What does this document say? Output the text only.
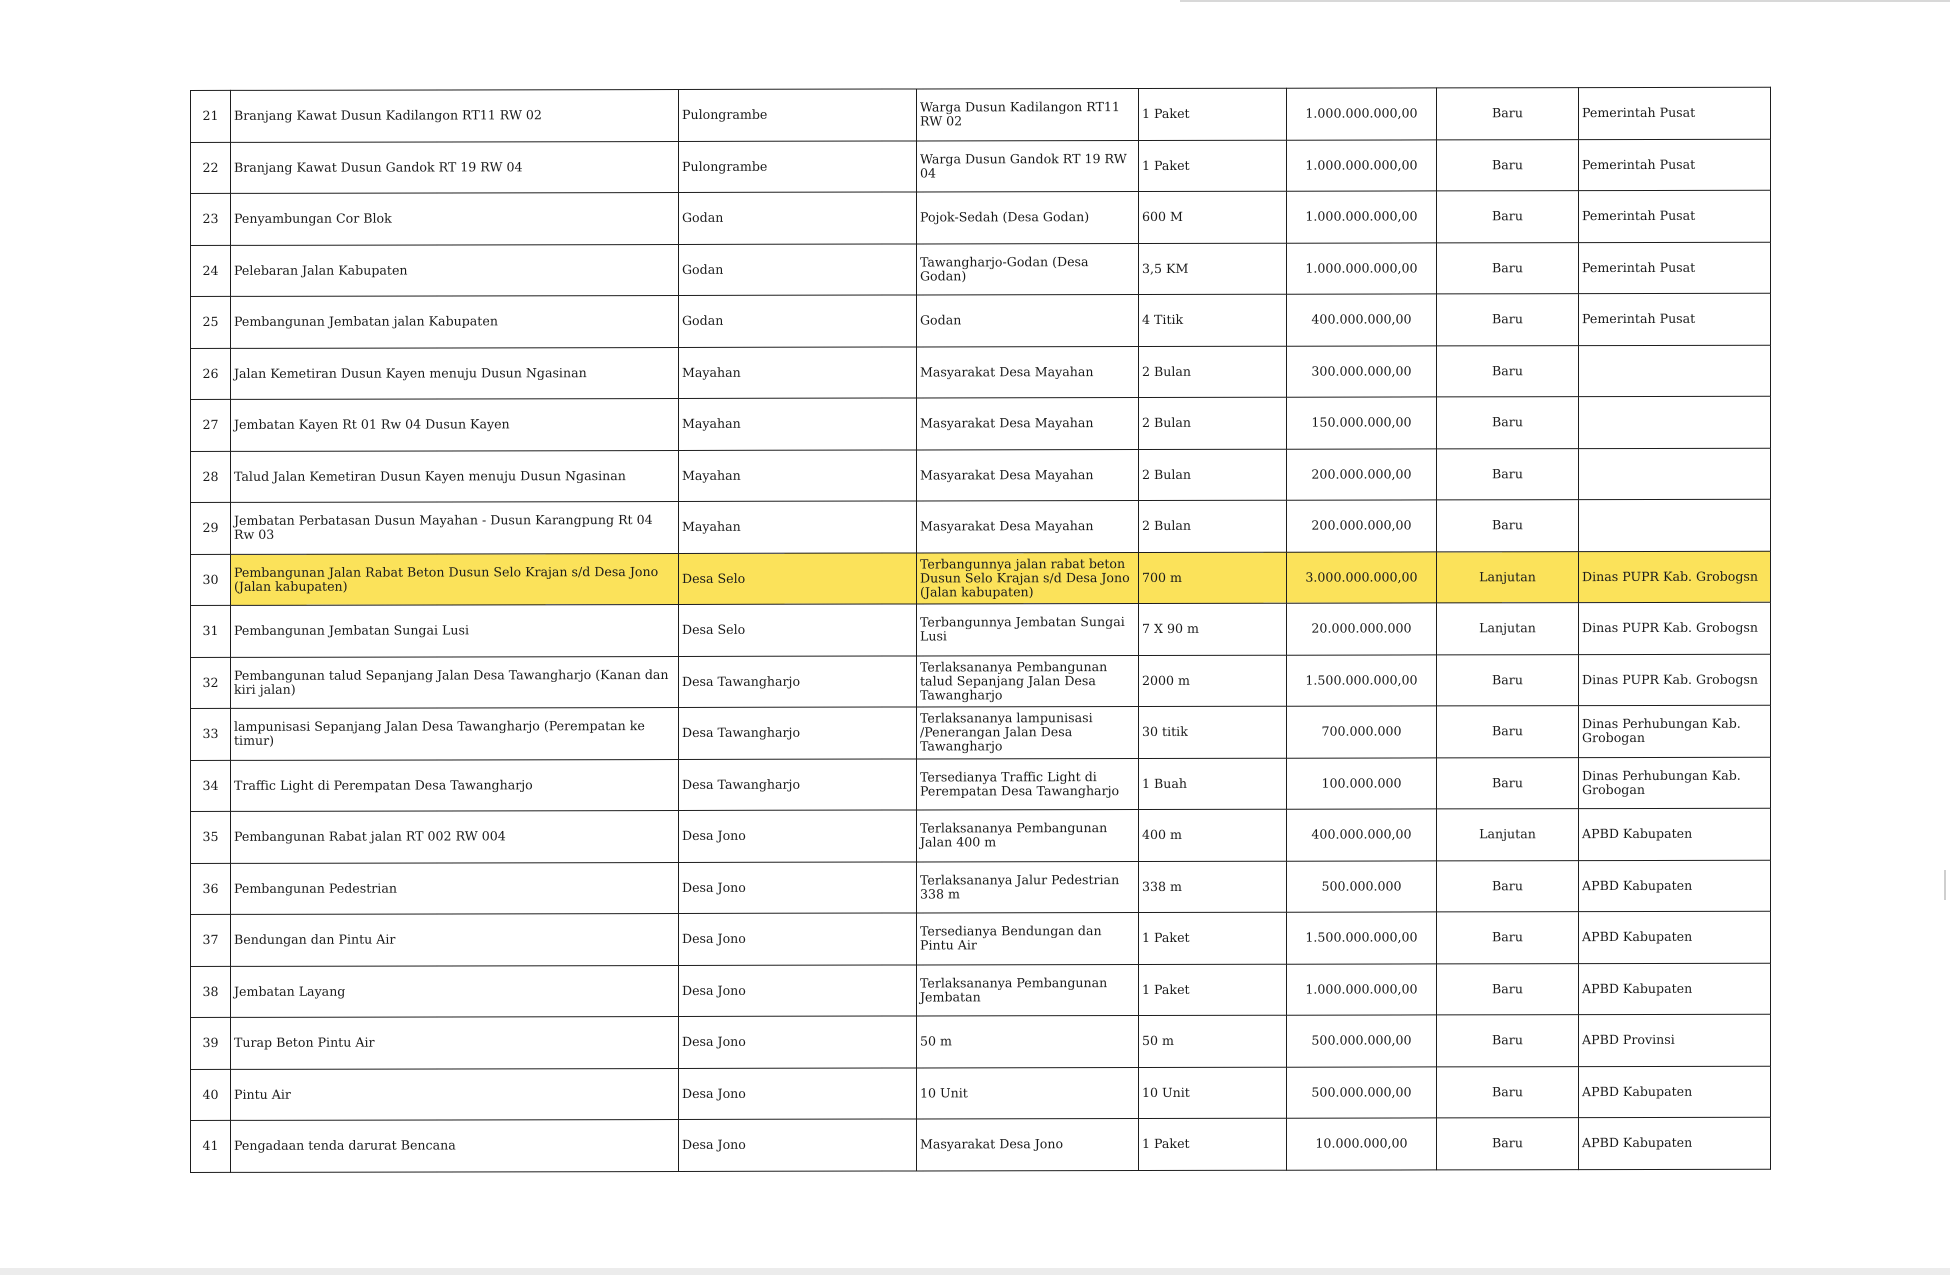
21	Branjang Kawat Dusun Kadilangon RT11 RW 02	Pulongrambe	Warga Dusun Kadilangon RT11 RW 02	1 Paket	1.000.000.000,00	Baru	Pemerintah Pusat
22	Branjang Kawat Dusun Gandok RT 19 RW 04	Pulongrambe	Warga Dusun Gandok RT 19 RW 04	1 Paket	1.000.000.000,00	Baru	Pemerintah Pusat
23	Penyambungan Cor Blok	Godan	Pojok-Sedah (Desa Godan)	600 M	1.000.000.000,00	Baru	Pemerintah Pusat
24	Pelebaran Jalan Kabupaten	Godan	Tawangharjo-Godan (Desa Godan)	3,5 KM	1.000.000.000,00	Baru	Pemerintah Pusat
25	Pembangunan Jembatan jalan Kabupaten	Godan	Godan	4 Titik	400.000.000,00	Baru	Pemerintah Pusat
26	Jalan Kemetiran Dusun Kayen menuju Dusun Ngasinan	Mayahan	Masyarakat Desa Mayahan	2 Bulan	300.000.000,00	Baru	
27	Jembatan Kayen Rt 01 Rw 04 Dusun Kayen	Mayahan	Masyarakat Desa Mayahan	2 Bulan	150.000.000,00	Baru	
28	Talud Jalan Kemetiran Dusun Kayen menuju Dusun Ngasinan	Mayahan	Masyarakat Desa Mayahan	2 Bulan	200.000.000,00	Baru	
29	Jembatan Perbatasan Dusun Mayahan - Dusun Karangpung Rt 04 Rw 03	Mayahan	Masyarakat Desa Mayahan	2 Bulan	200.000.000,00	Baru	
30	Pembangunan Jalan Rabat Beton Dusun Selo Krajan s/d Desa Jono (Jalan kabupaten)	Desa Selo	Terbangunnya jalan rabat beton Dusun Selo Krajan s/d Desa Jono (Jalan kabupaten)	700 m	3.000.000.000,00	Lanjutan	Dinas PUPR Kab. Grobogsn
31	Pembangunan Jembatan Sungai Lusi	Desa Selo	Terbangunnya Jembatan Sungai Lusi	7 X 90 m	20.000.000.000	Lanjutan	Dinas PUPR Kab. Grobogsn
32	Pembangunan talud Sepanjang Jalan Desa Tawangharjo (Kanan dan kiri jalan)	Desa Tawangharjo	Terlaksananya Pembangunan talud Sepanjang Jalan Desa Tawangharjo	2000 m	1.500.000.000,00	Baru	Dinas PUPR Kab. Grobogsn
33	lampunisasi Sepanjang Jalan Desa Tawangharjo (Perempatan ke timur)	Desa Tawangharjo	Terlaksananya lampunisasi /Penerangan Jalan Desa Tawangharjo	30 titik	700.000.000	Baru	Dinas Perhubungan Kab. Grobogan
34	Traffic Light di Perempatan Desa Tawangharjo	Desa Tawangharjo	Tersedianya Traffic Light di Perempatan Desa Tawangharjo	1 Buah	100.000.000	Baru	Dinas Perhubungan Kab. Grobogan
35	Pembangunan Rabat jalan RT 002 RW 004	Desa Jono	Terlaksananya Pembangunan Jalan 400 m	400 m	400.000.000,00	Lanjutan	APBD Kabupaten
36	Pembangunan Pedestrian	Desa Jono	Terlaksananya Jalur Pedestrian 338 m	338 m	500.000.000	Baru	APBD Kabupaten
37	Bendungan dan Pintu Air	Desa Jono	Tersedianya Bendungan dan Pintu Air	1 Paket	1.500.000.000,00	Baru	APBD Kabupaten
38	Jembatan Layang	Desa Jono	Terlaksananya Pembangunan Jembatan	1 Paket	1.000.000.000,00	Baru	APBD Kabupaten
39	Turap Beton Pintu Air	Desa Jono	50 m	50 m	500.000.000,00	Baru	APBD Provinsi
40	Pintu Air	Desa Jono	10 Unit	10 Unit	500.000.000,00	Baru	APBD Kabupaten
41	Pengadaan tenda darurat Bencana	Desa Jono	Masyarakat Desa Jono	1 Paket	10.000.000,00	Baru	APBD Kabupaten
